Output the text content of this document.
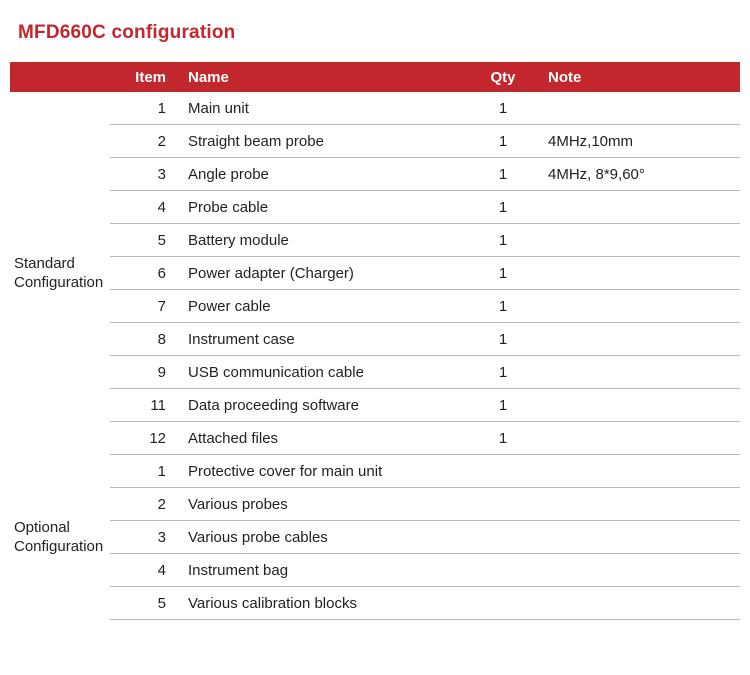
MFD660C configuration
	Item	Name	Qty	Note
Standard Configuration	1	Main unit	1	
	2	Straight beam probe	1	4MHz,10mm
	3	Angle probe	1	4MHz, 8*9,60°
	4	Probe cable	1	
	5	Battery module	1	
	6	Power adapter (Charger)	1	
	7	Power cable	1	
	8	Instrument case	1	
	9	USB communication cable	1	
	11	Data proceeding software	1	
	12	Attached files	1	
Optional Configuration	1	Protective cover for main unit		
	2	Various probes		
	3	Various probe cables		
	4	Instrument bag		
	5	Various calibration blocks		
